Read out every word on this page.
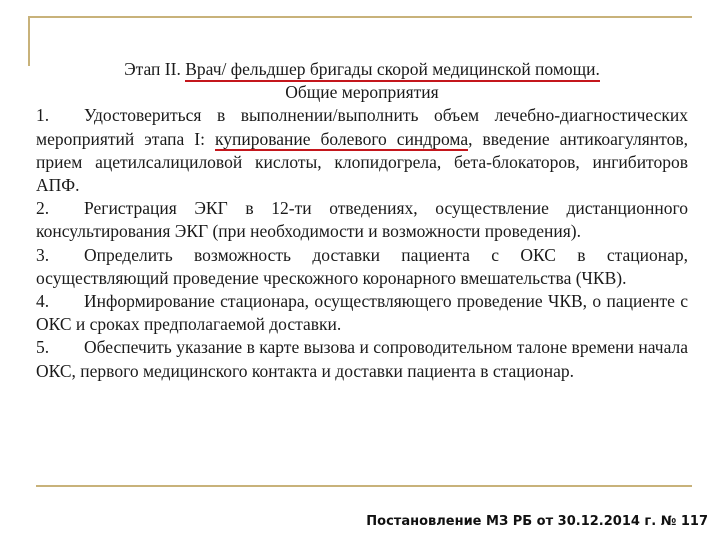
Этап II. Врач/ фельдшер бригады скорой медицинской помощи.
Общие мероприятия
1. Удостовериться в выполнении/выполнить объем лечебно-диагностических мероприятий этапа I: купирование болевого синдрома, введение антикоагулянтов, прием ацетилсалициловой кислоты, клопидогрела, бета-блокаторов, ингибиторов АПФ.
2. Регистрация ЭКГ в 12-ти отведениях, осуществление дистанционного консультирования ЭКГ (при необходимости и возможности проведения).
3. Определить возможность доставки пациента с ОКС в стационар, осуществляющий проведение чрескожного коронарного вмешательства (ЧКВ).
4. Информирование стационара, осуществляющего проведение ЧКВ, о пациенте с ОКС и сроках предполагаемой доставки.
5. Обеспечить указание в карте вызова и сопроводительном талоне времени начала ОКС, первого медицинского контакта и доставки пациента в стационар.
Постановление МЗ РБ от 30.12.2014 г. № 117
